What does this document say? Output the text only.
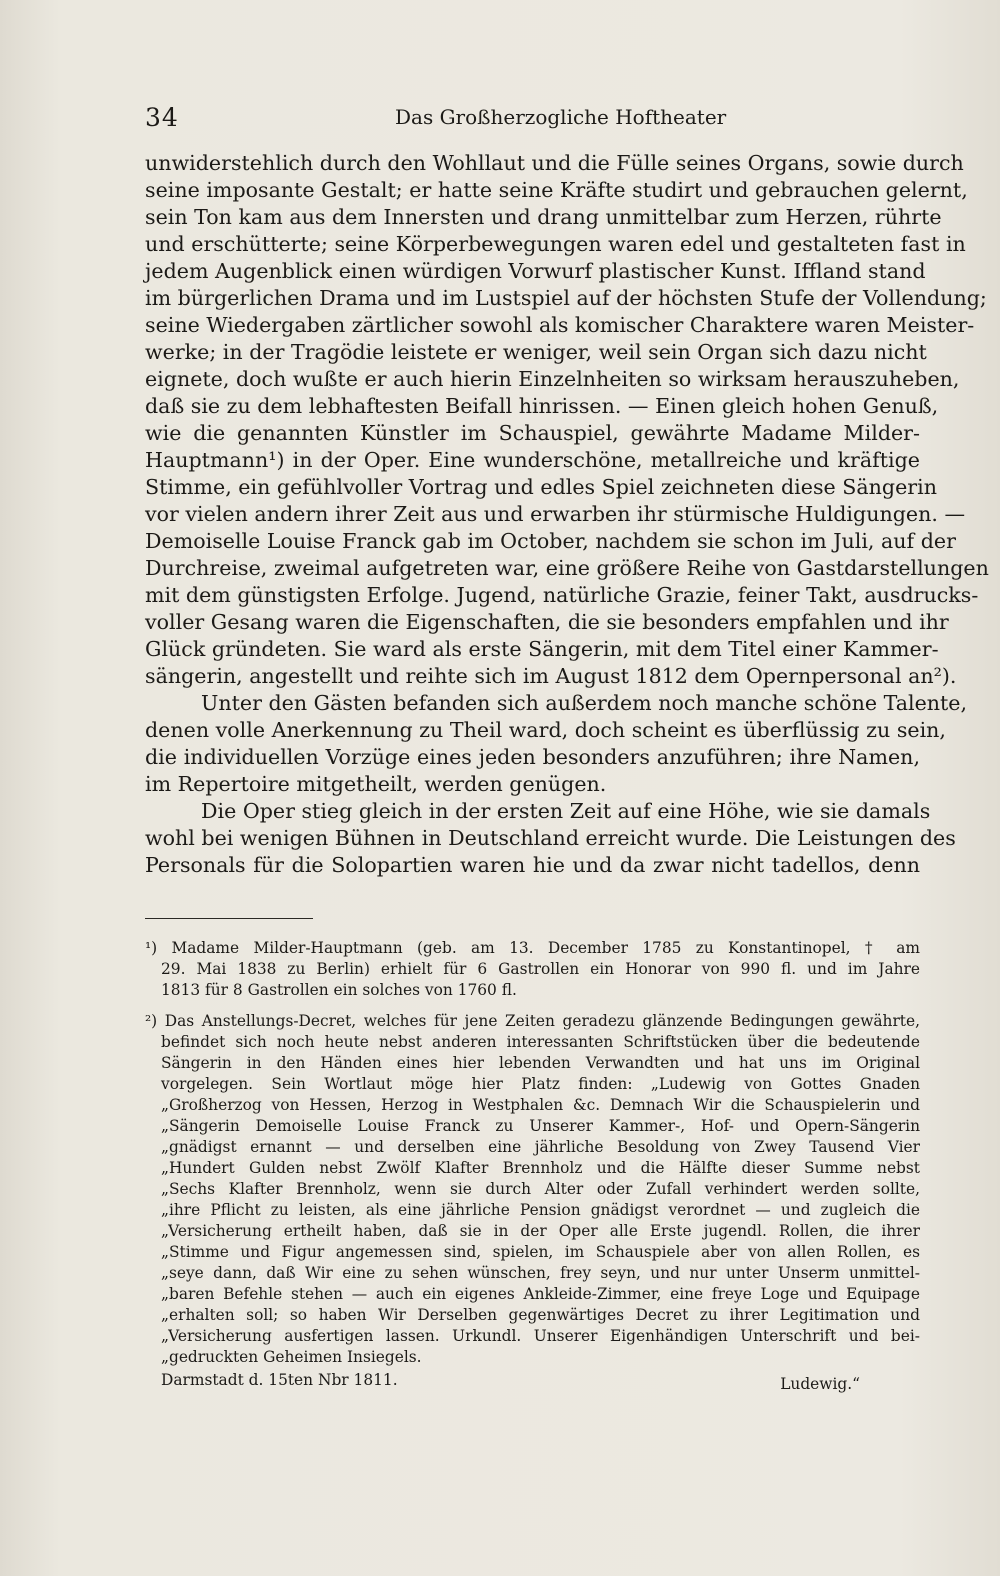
34	Das Großherzogliche Hoftheater
unwiderstehlich durch den Wohllaut und die Fülle seines Organs, sowie durch
seine imposante Gestalt; er hatte seine Kräfte studirt und gebrauchen gelernt,
sein Ton kam aus dem Innersten und drang unmittelbar zum Herzen, rührte
und erschütterte; seine Körperbewegungen waren edel und gestalteten fast in
jedem Augenblick einen würdigen Vorwurf plastischer Kunst. Iffland stand
im bürgerlichen Drama und im Lustspiel auf der höchsten Stufe der Vollendung;
seine Wiedergaben zärtlicher sowohl als komischer Charaktere waren Meister-
werke; in der Tragödie leistete er weniger, weil sein Organ sich dazu nicht
eignete, doch wußte er auch hierin Einzelnheiten so wirksam herauszuheben,
daß sie zu dem lebhaftesten Beifall hinrissen. — Einen gleich hohen Genuß,
wie die genannten Künstler im Schauspiel, gewährte Madame Milder-
Hauptmann¹) in der Oper. Eine wunderschöne, metallreiche und kräftige
Stimme, ein gefühlvoller Vortrag und edles Spiel zeichneten diese Sängerin
vor vielen andern ihrer Zeit aus und erwarben ihr stürmische Huldigungen. —
Demoiselle Louise Franck gab im October, nachdem sie schon im Juli, auf der
Durchreise, zweimal aufgetreten war, eine größere Reihe von Gastdarstellungen
mit dem günstigsten Erfolge. Jugend, natürliche Grazie, feiner Takt, ausdrucks-
voller Gesang waren die Eigenschaften, die sie besonders empfahlen und ihr
Glück gründeten. Sie ward als erste Sängerin, mit dem Titel einer Kammer-
sängerin, angestellt und reihte sich im August 1812 dem Opernpersonal an²).
Unter den Gästen befanden sich außerdem noch manche schöne Talente,
denen volle Anerkennung zu Theil ward, doch scheint es überflüssig zu sein,
die individuellen Vorzüge eines jeden besonders anzuführen; ihre Namen,
im Repertoire mitgetheilt, werden genügen.
Die Oper stieg gleich in der ersten Zeit auf eine Höhe, wie sie damals
wohl bei wenigen Bühnen in Deutschland erreicht wurde. Die Leistungen des
Personals für die Solopartien waren hie und da zwar nicht tadellos, denn
¹) Madame Milder-Hauptmann (geb. am 13. December 1785 zu Konstantinopel, † am
29. Mai 1838 zu Berlin) erhielt für 6 Gastrollen ein Honorar von 990 fl. und im Jahre
1813 für 8 Gastrollen ein solches von 1760 fl.
²) Das Anstellungs-Decret, welches für jene Zeiten geradezu glänzende Bedingungen gewährte,
befindet sich noch heute nebst anderen interessanten Schriftstücken über die bedeutende
Sängerin in den Händen eines hier lebenden Verwandten und hat uns im Original
vorgelegen. Sein Wortlaut möge hier Platz finden: „Ludewig von Gottes Gnaden
„Großherzog von Hessen, Herzog in Westphalen &c. Demnach Wir die Schauspielerin und
„Sängerin Demoiselle Louise Franck zu Unserer Kammer-, Hof- und Opern-Sängerin
„gnädigst ernannt — und derselben eine jährliche Besoldung von Zwey Tausend Vier
„Hundert Gulden nebst Zwölf Klafter Brennholz und die Hälfte dieser Summe nebst
„Sechs Klafter Brennholz, wenn sie durch Alter oder Zufall verhindert werden sollte,
„ihre Pflicht zu leisten, als eine jährliche Pension gnädigst verordnet — und zugleich die
„Versicherung ertheilt haben, daß sie in der Oper alle Erste jugendl. Rollen, die ihrer
„Stimme und Figur angemessen sind, spielen, im Schauspiele aber von allen Rollen, es
„seye dann, daß Wir eine zu sehen wünschen, frey seyn, und nur unter Unserm unmittel-
„baren Befehle stehen — auch ein eigenes Ankleide-Zimmer, eine freye Loge und Equipage
„erhalten soll; so haben Wir Derselben gegenwärtiges Decret zu ihrer Legitimation und
„Versicherung ausfertigen lassen. Urkundl. Unserer Eigenhändigen Unterschrift und bei-
„gedruckten Geheimen Insiegels.
Darmstadt d. 15ten Nbr 1811.	Ludewig.“
